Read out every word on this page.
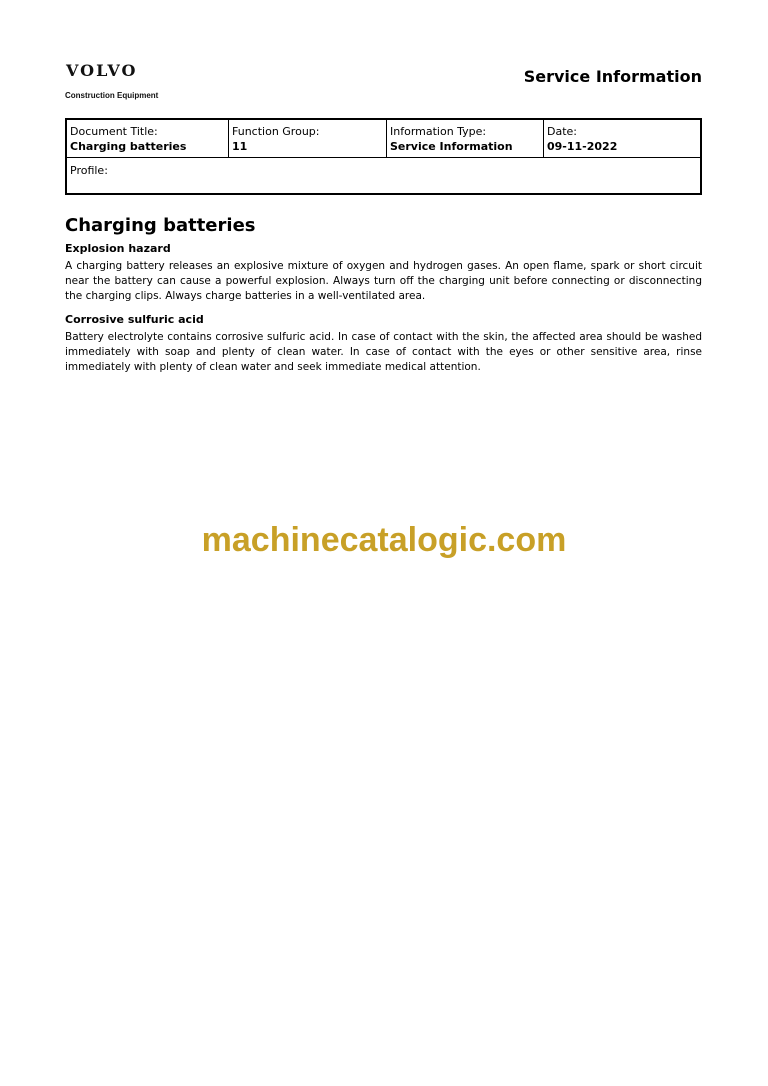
VOLVO
Construction Equipment
Service Information
Document Title:
Charging batteries
Function Group:
11
Information Type:
Service Information
Date:
09-11-2022
Profile:
Charging batteries
Explosion hazard

A charging battery releases an explosive mixture of oxygen and hydrogen gases. An open flame, spark or short circuit near the battery can cause a powerful explosion. Always turn off the charging unit before connecting or disconnecting the charging clips. Always charge batteries in a well-ventilated area.

Corrosive sulfuric acid

Battery electrolyte contains corrosive sulfuric acid. In case of contact with the skin, the affected area should be washed immediately with soap and plenty of clean water. In case of contact with the eyes or other sensitive area, rinse immediately with plenty of clean water and seek immediate medical attention.

machinecatalogic.com
